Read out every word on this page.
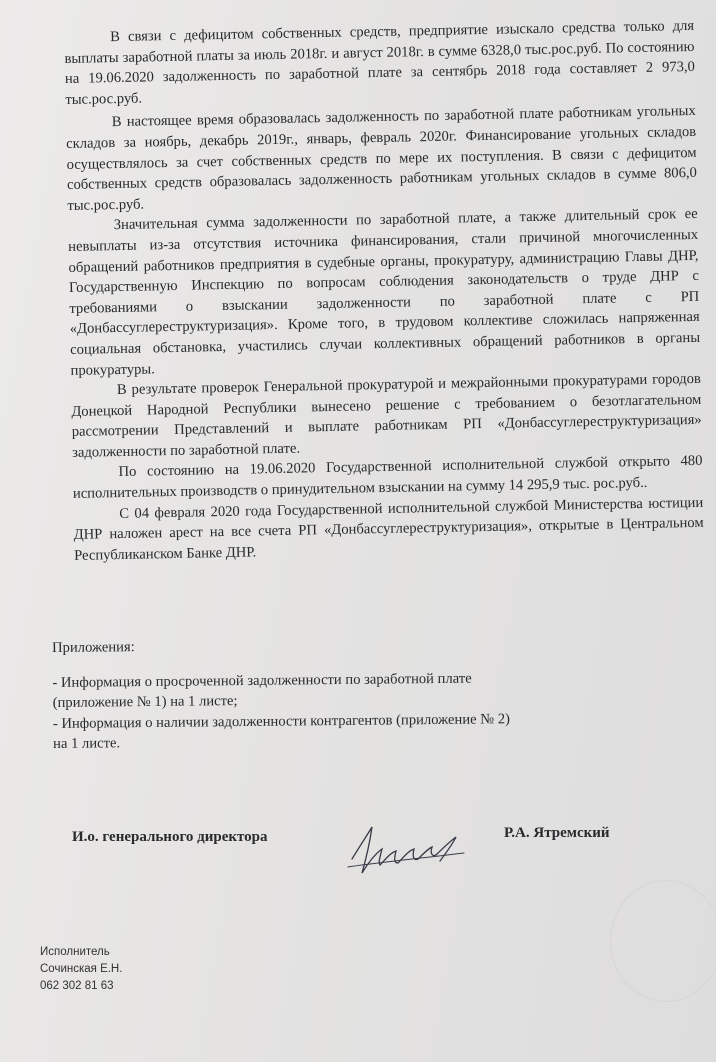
В связи с дефицитом собственных средств, предприятие изыскало средства только для выплаты заработной платы за июль 2018г. и август 2018г. в сумме 6328,0 тыс.рос.руб. По состоянию на 19.06.2020 задолженность по заработной плате за сентябрь 2018 года составляет 2 973,0 тыс.рос.руб.

В настоящее время образовалась задолженность по заработной плате работникам угольных складов за ноябрь, декабрь 2019г., январь, февраль 2020г. Финансирование угольных складов осуществлялось за счет собственных средств по мере их поступления. В связи с дефицитом собственных средств образовалась задолженность работникам угольных складов в сумме 806,0 тыс.рос.руб.

Значительная сумма задолженности по заработной плате, а также длительный срок ее невыплаты из-за отсутствия источника финансирования, стали причиной многочисленных обращений работников предприятия в судебные органы, прокуратуру, администрацию Главы ДНР, Государственную Инспекцию по вопросам соблюдения законодательств о труде ДНР с требованиями о взыскании задолженности по заработной плате с РП «Донбассуглереструктуризация». Кроме того, в трудовом коллективе сложилась напряженная социальная обстановка, участились случаи коллективных обращений работников в органы прокуратуры.

В результате проверок Генеральной прокуратурой и межрайонными прокуратурами городов Донецкой Народной Республики вынесено решение с требованием о безотлагательном рассмотрении Представлений и выплате работникам РП «Донбассуглереструктуризация» задолженности по заработной плате.

По состоянию на 19.06.2020 Государственной исполнительной службой открыто 480 исполнительных производств о принудительном взыскании на сумму 14 295,9 тыс. рос.руб..

С 04 февраля 2020 года Государственной исполнительной службой Министерства юстиции ДНР наложен арест на все счета РП «Донбассуглереструктуризация», открытые в Центральном Республиканском Банке ДНР.

Приложения:

- Информация о просроченной задолженности по заработной плате

(приложение № 1) на 1 листе;

- Информация о наличии задолженности контрагентов (приложение № 2)

на 1 листе.

И.о. генерального директора	Р.А. Ятремский

Исполнитель

Сочинская Е.Н.

062 302 81 63
